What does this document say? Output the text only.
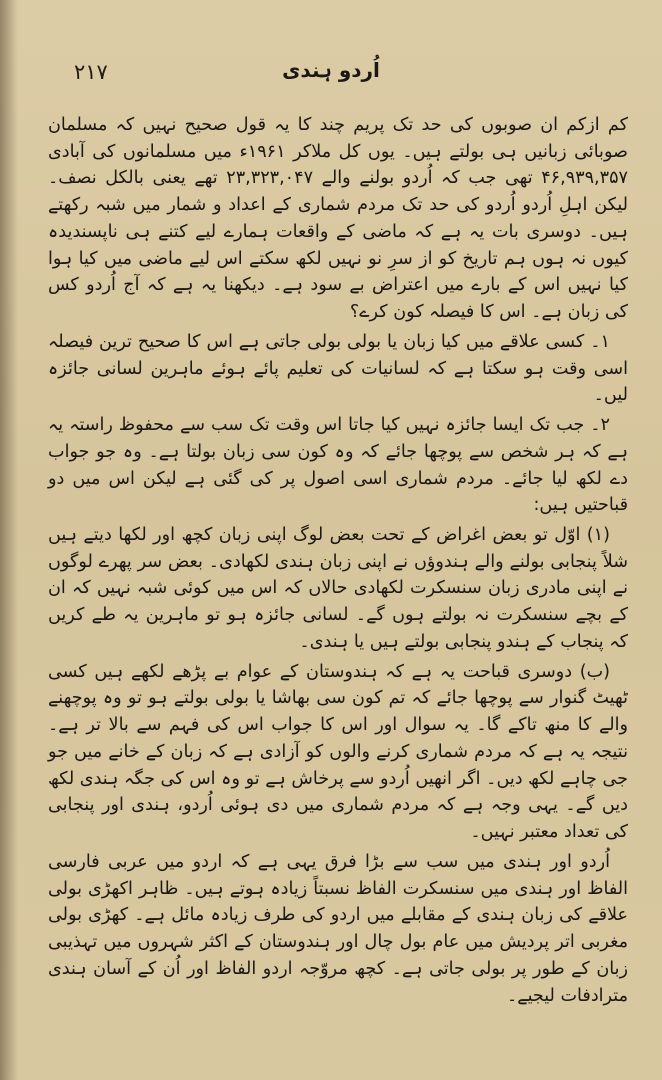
۲۱۷	اُردو ہندی

کم ازکم ان صوبوں کی حد تک پریم چند کا یہ قول صحیح نہیں کہ مسلمان صوبائی زبانیں ہی بولتے ہیں۔ یوں کل ملاکر ۱۹۶۱ء میں مسلمانوں کی آبادی ۴۶,۹۳۹,۳۵۷ تھی جب کہ اُردو بولنے والے ۲۳,۳۲۳,۰۴۷ تھے یعنی بالکل نصف۔ لیکن اہلِ اُردو اُردو کی حد تک مردم شماری کے اعداد و شمار میں شبہ رکھتے ہیں۔ دوسری بات یہ ہے کہ ماضی کے واقعات ہمارے لیے کتنے ہی ناپسندیدہ کیوں نہ ہوں ہم تاریخ کو از سرِ نو نہیں لکھ سکتے اس لیے ماضی میں کیا ہوا کیا نہیں اس کے بارے میں اعتراض بے سود ہے۔ دیکھنا یہ ہے کہ آج اُردو کس کی زبان ہے۔ اس کا فیصلہ کون کرے؟

۱۔ کسی علاقے میں کیا زبان یا بولی بولی جاتی ہے اس کا صحیح ترین فیصلہ اسی وقت ہو سکتا ہے کہ لسانیات کی تعلیم پائے ہوئے ماہرین لسانی جائزہ لیں۔

۲۔ جب تک ایسا جائزہ نہیں کیا جاتا اس وقت تک سب سے محفوظ راستہ یہ ہے کہ ہر شخص سے پوچھا جائے کہ وہ کون سی زبان بولتا ہے۔ وہ جو جواب دے لکھ لیا جائے۔ مردم شماری اسی اصول پر کی گئی ہے لیکن اس میں دو قباحتیں ہیں:

(۱) اوّل تو بعض اغراض کے تحت بعض لوگ اپنی زبان کچھ اور لکھا دیتے ہیں شلاً پنجابی بولنے والے ہندوؤں نے اپنی زبان ہندی لکھادی۔ بعض سر پھرے لوگوں نے اپنی مادری زبان سنسکرت لکھادی حالاں کہ اس میں کوئی شبہ نہیں کہ ان کے بچے سنسکرت نہ بولتے ہوں گے۔ لسانی جائزہ ہو تو ماہرین یہ طے کریں کہ پنجاب کے ہندو پنجابی بولتے ہیں یا ہندی۔

(ب) دوسری قباحت یہ ہے کہ ہندوستان کے عوام بے پڑھے لکھے ہیں کسی ٹھیٹ گنوار سے پوچھا جائے کہ تم کون سی بھاشا یا بولی بولتے ہو تو وہ پوچھنے والے کا منھ تاکے گا۔ یہ سوال اور اس کا جواب اس کی فہم سے بالا تر ہے۔ نتیجہ یہ ہے کہ مردم شماری کرنے والوں کو آزادی ہے کہ زبان کے خانے میں جو جی چاہے لکھ دیں۔ اگر انھیں اُردو سے پرخاش ہے تو وہ اس کی جگہ ہندی لکھ دیں گے۔ یہی وجہ ہے کہ مردم شماری میں دی ہوئی اُردو، ہندی اور پنجابی کی تعداد معتبر نہیں۔

اُردو اور ہندی میں سب سے بڑا فرق یہی ہے کہ اردو میں عربی فارسی الفاظ اور ہندی میں سنسکرت الفاظ نسبتاً زیادہ ہوتے ہیں۔ ظاہر اکھڑی بولی علاقے کی زبان ہندی کے مقابلے میں اردو کی طرف زیادہ مائل ہے۔ کھڑی بولی مغربی اتر پردیش میں عام بول چال اور ہندوستان کے اکثر شہروں میں تہذیبی زبان کے طور پر بولی جاتی ہے۔ کچھ مروّجہ اردو الفاظ اور اُن کے آسان ہندی مترادفات لیجیے۔
